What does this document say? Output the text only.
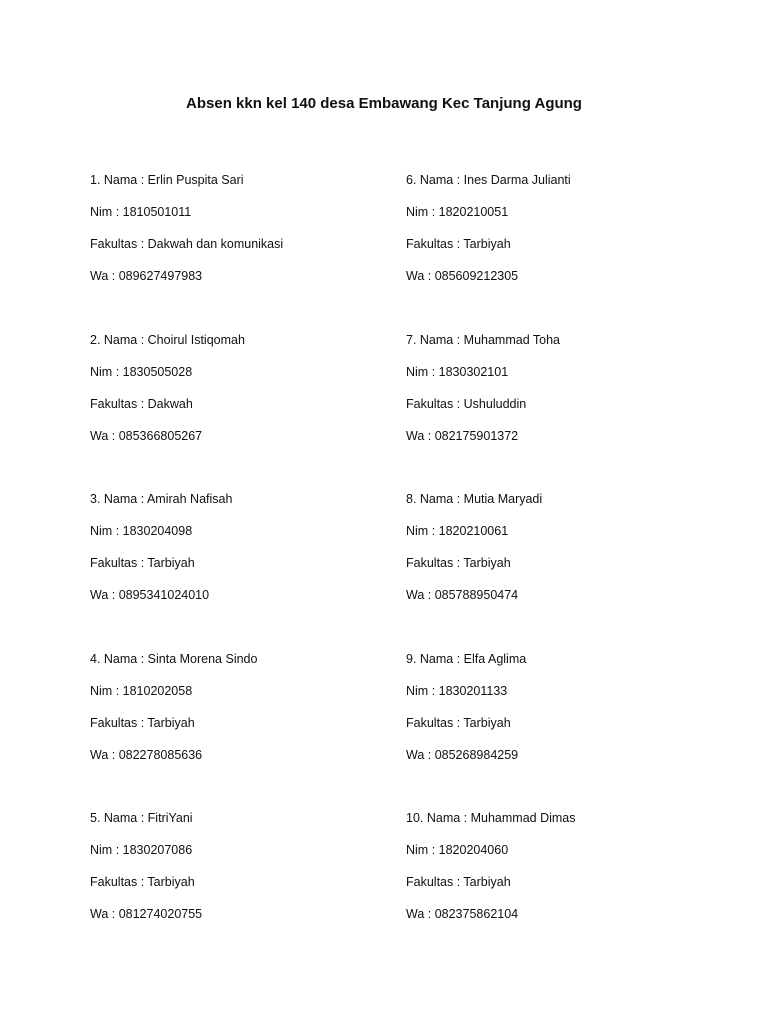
Absen kkn kel 140 desa Embawang Kec Tanjung Agung
1. Nama : Erlin Puspita Sari
Nim : 1810501011
Fakultas : Dakwah dan komunikasi
Wa : 089627497983
2. Nama : Choirul Istiqomah
Nim : 1830505028
Fakultas : Dakwah
Wa : 085366805267
3. Nama : Amirah Nafisah
Nim : 1830204098
Fakultas : Tarbiyah
Wa : 0895341024010
4. Nama : Sinta Morena Sindo
Nim : 1810202058
Fakultas : Tarbiyah
Wa : 082278085636
5. Nama : FitriYani
Nim : 1830207086
Fakultas : Tarbiyah
Wa : 081274020755
6. Nama : Ines Darma Julianti
Nim : 1820210051
Fakultas : Tarbiyah
Wa : 085609212305
7. Nama : Muhammad Toha
Nim : 1830302101
Fakultas : Ushuluddin
Wa : 082175901372
8. Nama : Mutia Maryadi
Nim : 1820210061
Fakultas : Tarbiyah
Wa : 085788950474
9. Nama : Elfa Aglima
Nim : 1830201133
Fakultas : Tarbiyah
Wa : 085268984259
10. Nama : Muhammad Dimas
Nim : 1820204060
Fakultas : Tarbiyah
Wa : 082375862104
